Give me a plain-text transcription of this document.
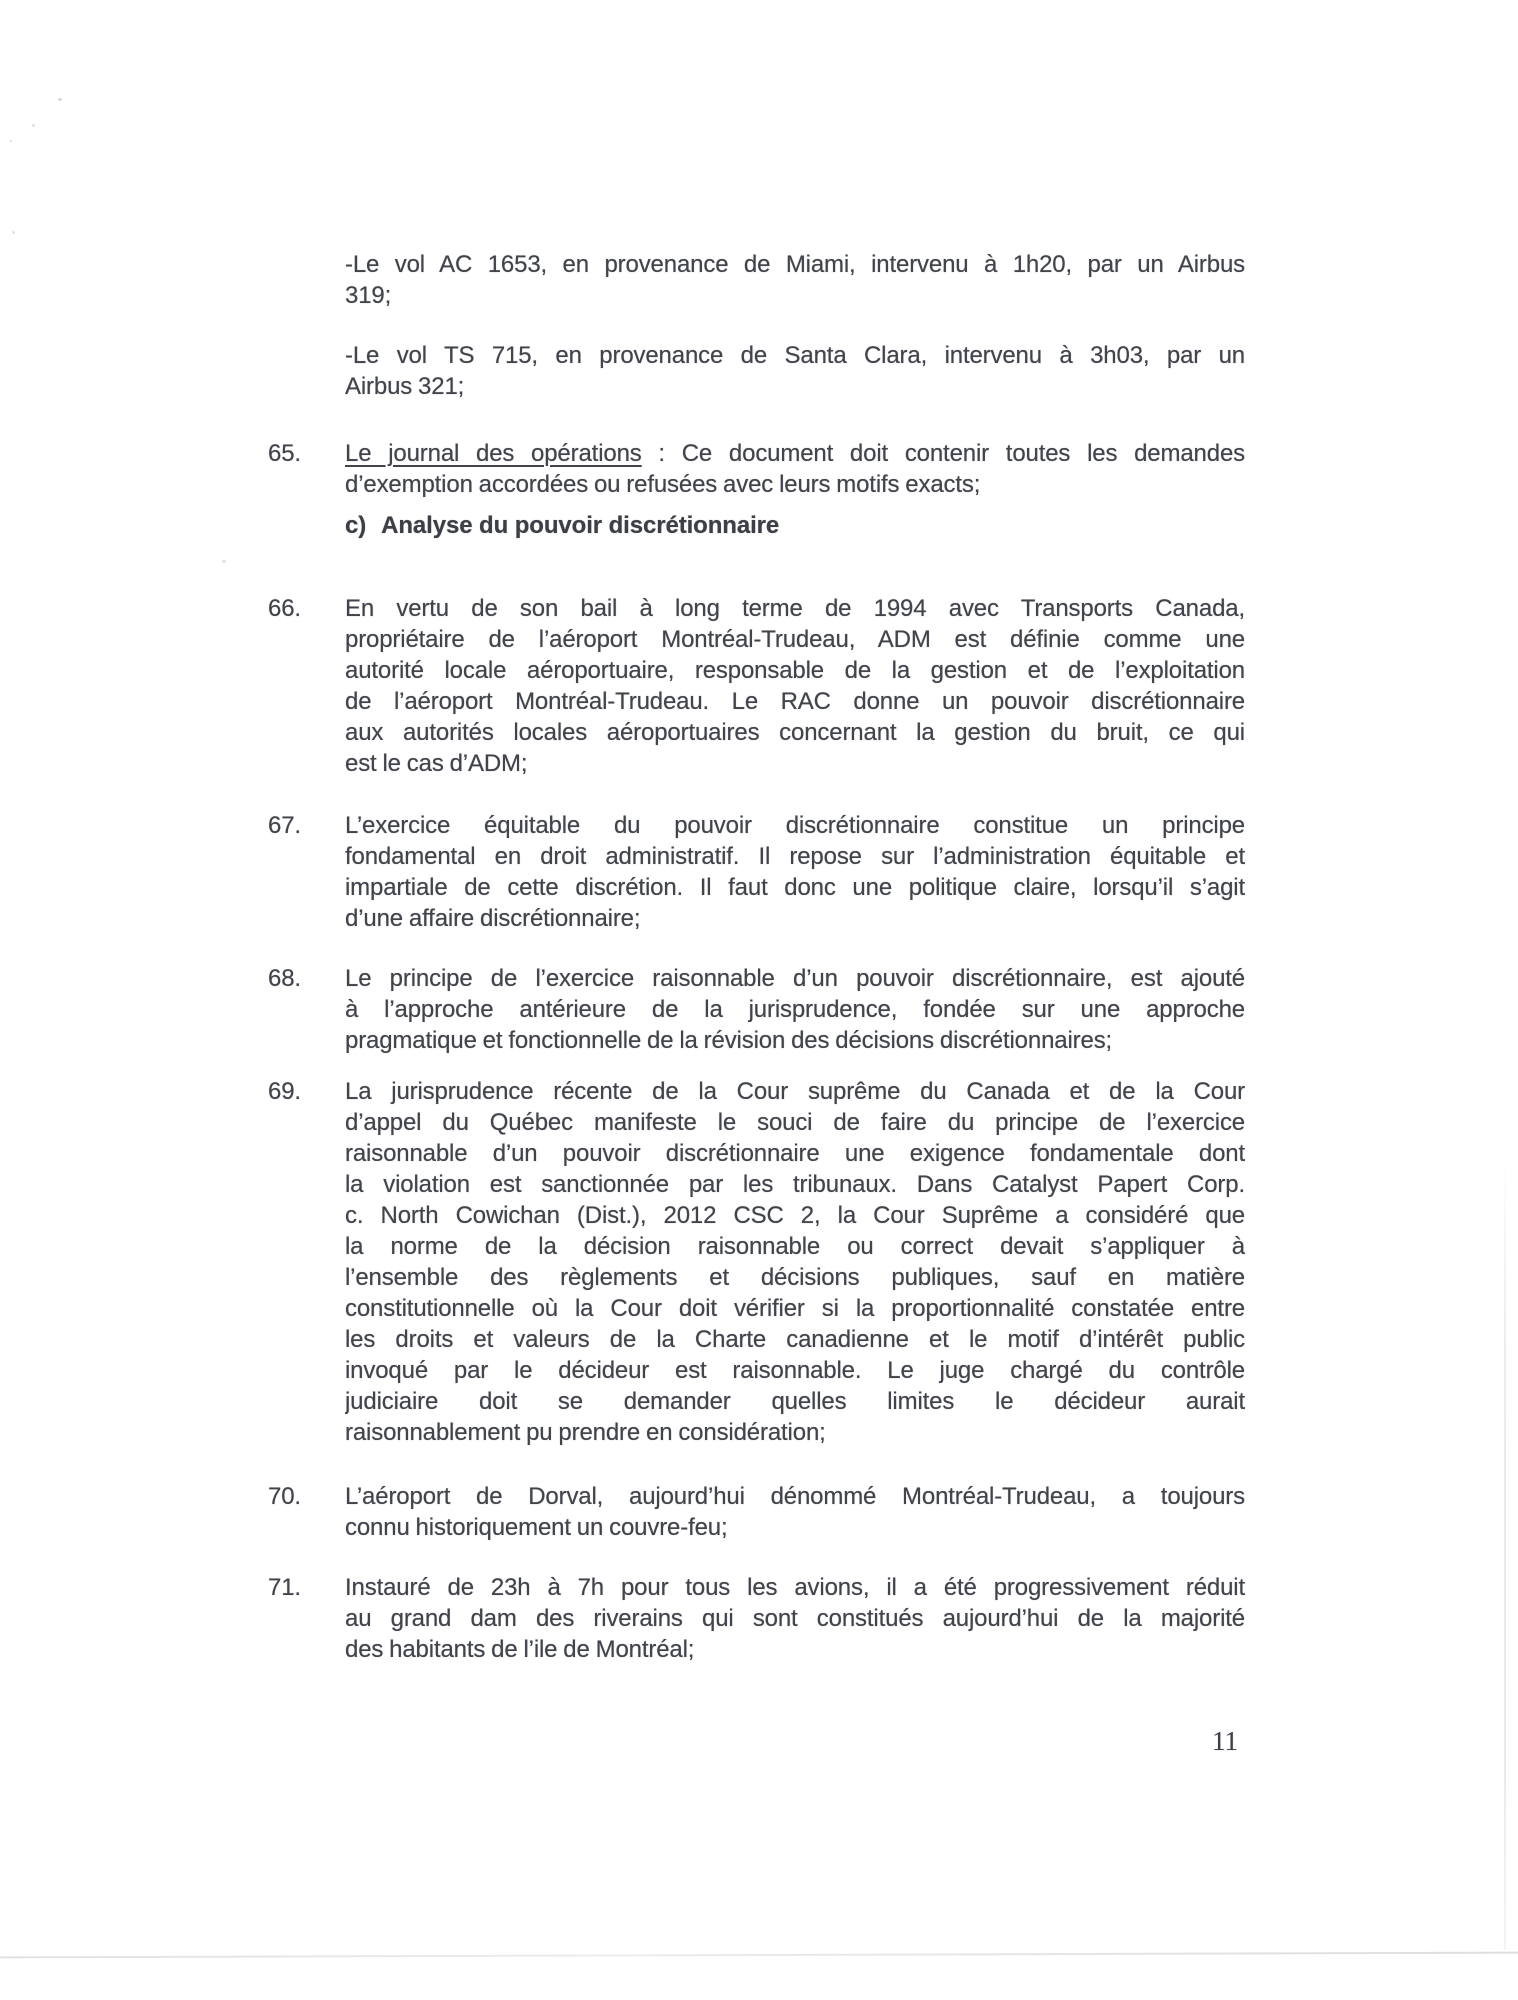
-Le vol AC 1653, en provenance de Miami, intervenu à 1h20, par un Airbus
319;
-Le vol TS 715, en provenance de Santa Clara, intervenu à 3h03, par un
Airbus 321;
65. Le journal des opérations : Ce document doit contenir toutes les demandes
d’exemption accordées ou refusées avec leurs motifs exacts;
c) Analyse du pouvoir discrétionnaire
66. En vertu de son bail à long terme de 1994 avec Transports Canada,
propriétaire de l’aéroport Montréal-Trudeau, ADM est définie comme une
autorité locale aéroportuaire, responsable de la gestion et de l’exploitation
de l’aéroport Montréal-Trudeau. Le RAC donne un pouvoir discrétionnaire
aux autorités locales aéroportuaires concernant la gestion du bruit, ce qui
est le cas d’ADM;
67. L’exercice équitable du pouvoir discrétionnaire constitue un principe
fondamental en droit administratif. Il repose sur l’administration équitable et
impartiale de cette discrétion. Il faut donc une politique claire, lorsqu’il s’agit
d’une affaire discrétionnaire;
68. Le principe de l’exercice raisonnable d’un pouvoir discrétionnaire, est ajouté
à l’approche antérieure de la jurisprudence, fondée sur une approche
pragmatique et fonctionnelle de la révision des décisions discrétionnaires;
69. La jurisprudence récente de la Cour suprême du Canada et de la Cour
d’appel du Québec manifeste le souci de faire du principe de l’exercice
raisonnable d’un pouvoir discrétionnaire une exigence fondamentale dont
la violation est sanctionnée par les tribunaux. Dans Catalyst Papert Corp.
c. North Cowichan (Dist.), 2012 CSC 2, la Cour Suprême a considéré que
la norme de la décision raisonnable ou correct devait s’appliquer à
l’ensemble des règlements et décisions publiques, sauf en matière
constitutionnelle où la Cour doit vérifier si la proportionnalité constatée entre
les droits et valeurs de la Charte canadienne et le motif d’intérêt public
invoqué par le décideur est raisonnable. Le juge chargé du contrôle
judiciaire doit se demander quelles limites le décideur aurait
raisonnablement pu prendre en considération;
70. L’aéroport de Dorval, aujourd’hui dénommé Montréal-Trudeau, a toujours
connu historiquement un couvre-feu;
71. Instauré de 23h à 7h pour tous les avions, il a été progressivement réduit
au grand dam des riverains qui sont constitués aujourd’hui de la majorité
des habitants de l’ile de Montréal;
11
